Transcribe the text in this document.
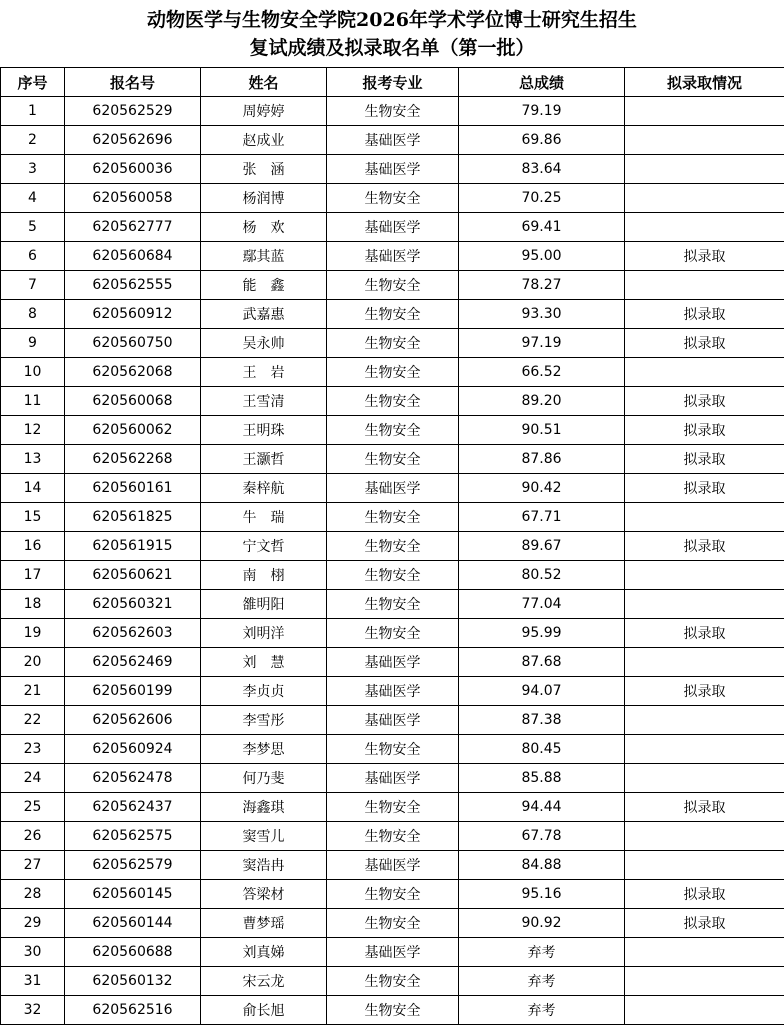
动物医学与生物安全学院2026年学术学位博士研究生招生
复试成绩及拟录取名单（第一批）
序号	报名号	姓名	报考专业	总成绩	拟录取情况
1	620562529	周婷婷	生物安全	79.19	
2	620562696	赵成业	基础医学	69.86	
3	620560036	张　涵	基础医学	83.64	
4	620560058	杨润博	生物安全	70.25	
5	620562777	杨　欢	基础医学	69.41	
6	620560684	鄢其蓝	基础医学	95.00	拟录取
7	620562555	能　鑫	生物安全	78.27	
8	620560912	武嘉惠	生物安全	93.30	拟录取
9	620560750	吴永帅	生物安全	97.19	拟录取
10	620562068	王　岩	生物安全	66.52	
11	620560068	王雪清	生物安全	89.20	拟录取
12	620560062	王明珠	生物安全	90.51	拟录取
13	620562268	王灏哲	生物安全	87.86	拟录取
14	620560161	秦梓航	基础医学	90.42	拟录取
15	620561825	牛　瑞	生物安全	67.71	
16	620561915	宁文哲	生物安全	89.67	拟录取
17	620560621	南　栩	生物安全	80.52	
18	620560321	雒明阳	生物安全	77.04	
19	620562603	刘明洋	生物安全	95.99	拟录取
20	620562469	刘　慧	基础医学	87.68	
21	620560199	李贞贞	基础医学	94.07	拟录取
22	620562606	李雪彤	基础医学	87.38	
23	620560924	李梦思	生物安全	80.45	
24	620562478	何乃斐	基础医学	85.88	
25	620562437	海鑫琪	生物安全	94.44	拟录取
26	620562575	窦雪儿	生物安全	67.78	
27	620562579	窦浩冉	基础医学	84.88	
28	620560145	答梁材	生物安全	95.16	拟录取
29	620560144	曹梦瑶	生物安全	90.92	拟录取
30	620560688	刘真娣	基础医学	弃考	
31	620560132	宋云龙	生物安全	弃考	
32	620562516	俞长旭	生物安全	弃考	
